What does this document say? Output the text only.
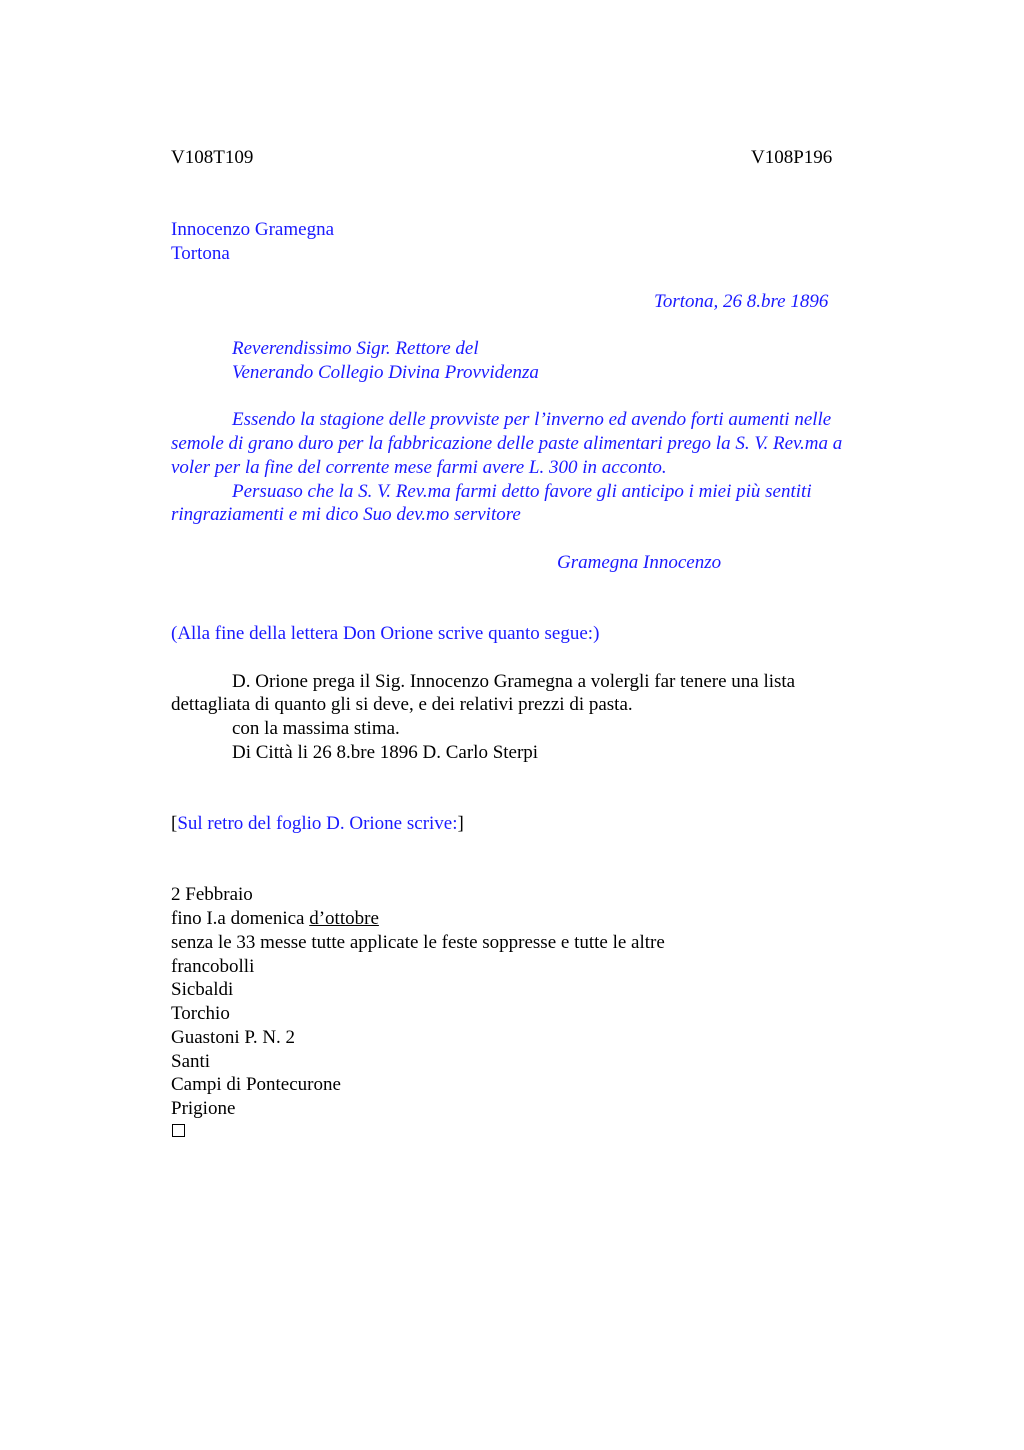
V108T109	V108P196
Innocenzo Gramegna
Tortona
Tortona, 26 8.bre 1896
Reverendissimo Sigr. Rettore del
Venerando Collegio Divina Provvidenza
Essendo la stagione delle provviste per l’inverno ed avendo forti aumenti nelle
semole di grano duro per la fabbricazione delle paste alimentari prego la S. V. Rev.ma a
voler per la fine del corrente mese farmi avere L. 300 in acconto.
Persuaso che la S. V. Rev.ma farmi detto favore gli anticipo i miei più sentiti
ringraziamenti e mi dico Suo dev.mo servitore
Gramegna Innocenzo
(Alla fine della lettera Don Orione scrive quanto segue:)
D. Orione prega il Sig. Innocenzo Gramegna a volergli far tenere una lista
dettagliata di quanto gli si deve, e dei relativi prezzi di pasta.
con la massima stima.
Di Città li 26 8.bre 1896 D. Carlo Sterpi
[Sul retro del foglio D. Orione scrive:]
2 Febbraio
fino I.a domenica d’ottobre
senza le 33 messe tutte applicate le feste soppresse e tutte le altre
francobolli
Sicbaldi
Torchio
Guastoni P. N. 2
Santi
Campi di Pontecurone
Prigione
